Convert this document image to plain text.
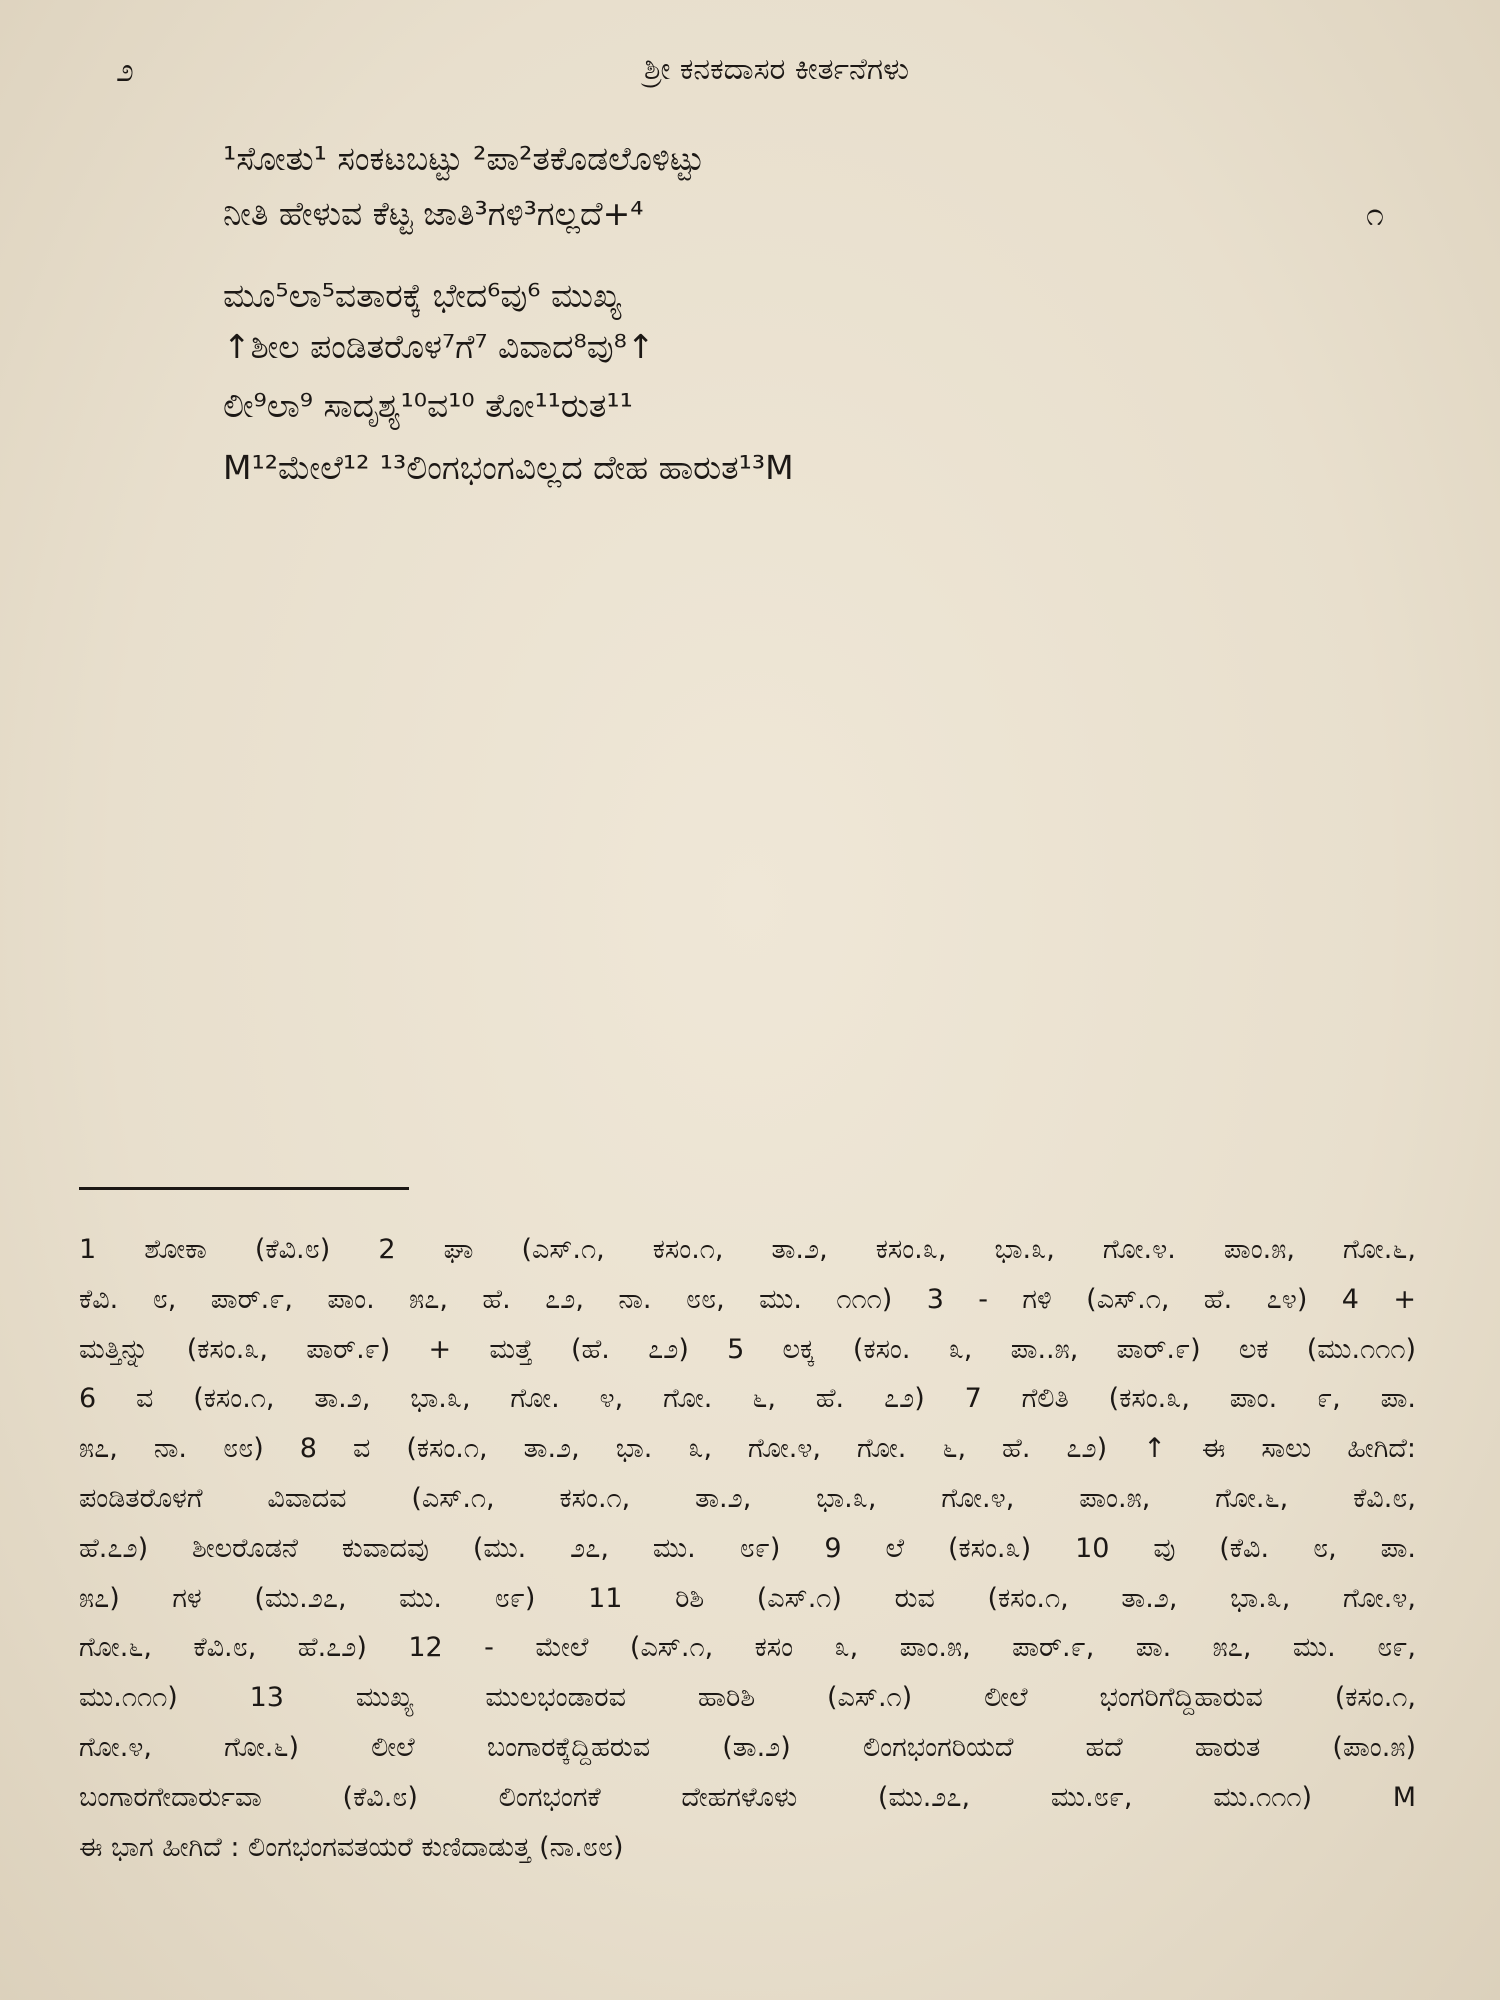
೨	ಶ್ರೀ ಕನಕದಾಸರ ಕೀರ್ತನೆಗಳು
¹ಸೋತು¹ ಸಂಕಟಬಟ್ಟು ²ಪಾ²ತಕೊಡಲೊಳಿಟ್ಟು
ನೀತಿ ಹೇಳುವ ಕೆಟ್ಟ ಜಾತಿ³ಗಳಿ³ಗಲ್ಲದೆ+⁴	೧
ಮೂ⁵ಲಾ⁵ವತಾರಕ್ಕೆ ಭೇದ⁶ವು⁶ ಮುಖ್ಯ
↑ಶೀಲ ಪಂಡಿತರೊಳ⁷ಗೆ⁷ ವಿವಾದ⁸ವು⁸↑
ಲೀ⁹ಲಾ⁹ ಸಾದೃಶ್ಯ¹⁰ವ¹⁰ ತೋ¹¹ರುತ¹¹
M¹²ಮೇಲೆ¹² ¹³ಲಿಂಗಭಂಗವಿಲ್ಲದ ದೇಹ ಹಾರುತ¹³M
1 ಶೋಕಾ (ಕೆವಿ.೮) 2 ಘಾ (ಎಸ್.೧, ಕಸಂ.೧, ತಾ.೨, ಕಸಂ.೩, ಭಾ.೩, ಗೋ.೪. ಪಾಂ.೫, ಗೋ.೬,
ಕೆವಿ. ೮, ಪಾರ್.೯, ಪಾಂ. ೫೭, ಹೆ. ೭೨, ನಾ. ೮೮, ಮು. ೧೧೧) 3 - ಗಳಿ (ಎಸ್.೧, ಹೆ. ೭೪) 4 +
ಮತ್ತಿನ್ನು (ಕಸಂ.೩, ಪಾರ್.೯) + ಮತ್ತೆ (ಹೆ. ೭೨) 5 ಲಕ್ಕ (ಕಸಂ. ೩, ಪಾ..೫, ಪಾರ್.೯) ಲಕ (ಮು.೧೧೧)
6 ವ (ಕಸಂ.೧, ತಾ.೨, ಭಾ.೩, ಗೋ. ೪, ಗೋ. ೬, ಹೆ. ೭೨) 7 ಗೆಲಿತಿ (ಕಸಂ.೩, ಪಾಂ. ೯, ಪಾ.
೫೭, ನಾ. ೮೮) 8 ವ (ಕಸಂ.೧, ತಾ.೨, ಭಾ. ೩, ಗೋ.೪, ಗೋ. ೬, ಹೆ. ೭೨) ↑ ಈ ಸಾಲು ಹೀಗಿದೆ:
ಪಂಡಿತರೊಳಗೆ ವಿವಾದವ (ಎಸ್.೧, ಕಸಂ.೧, ತಾ.೨, ಭಾ.೩, ಗೋ.೪, ಪಾಂ.೫, ಗೋ.೬, ಕೆವಿ.೮,
ಹೆ.೭೨) ಶೀಲರೊಡನೆ ಕುವಾದವು (ಮು. ೨೭, ಮು. ೮೯) 9 ಲೆ (ಕಸಂ.೩) 10 ವು (ಕೆವಿ. ೮, ಪಾ.
೫೭) ಗಳ (ಮು.೨೭, ಮು. ೮೯) 11 ರಿಶಿ (ಎಸ್.೧) ರುವ (ಕಸಂ.೧, ತಾ.೨, ಭಾ.೩, ಗೋ.೪,
ಗೋ.೬, ಕೆವಿ.೮, ಹೆ.೭೨) 12 - ಮೇಲೆ (ಎಸ್.೧, ಕಸಂ ೩, ಪಾಂ.೫, ಪಾರ್.೯, ಪಾ. ೫೭, ಮು. ೮೯,
ಮು.೧೧೧) 13 ಮುಖ್ಯ ಮುಲಭಂಡಾರವ ಹಾರಿಶಿ (ಎಸ್.೧) ಲೀಲೆ ಭಂಗರಿಗೆದ್ದಿಹಾರುವ (ಕಸಂ.೧,
ಗೋ.೪, ಗೋ.೬) ಲೀಲೆ ಬಂಗಾರಕ್ಕೆದ್ದಿಹರುವ (ತಾ.೨) ಲಿಂಗಭಂಗರಿಯದೆ ಹದೆ ಹಾರುತ (ಪಾಂ.೫)
ಬಂಗಾರಗೇದಾರ್ರುವಾ (ಕೆವಿ.೮) ಲಿಂಗಭಂಗಕೆ ದೇಹಗಳೊಳು (ಮು.೨೭, ಮು.೮೯, ಮು.೧೧೧) M
ಈ ಭಾಗ ಹೀಗಿದೆ : ಲಿಂಗಭಂಗವತಯರೆ ಕುಣಿದಾಡುತ್ತ (ನಾ.೮೮)
